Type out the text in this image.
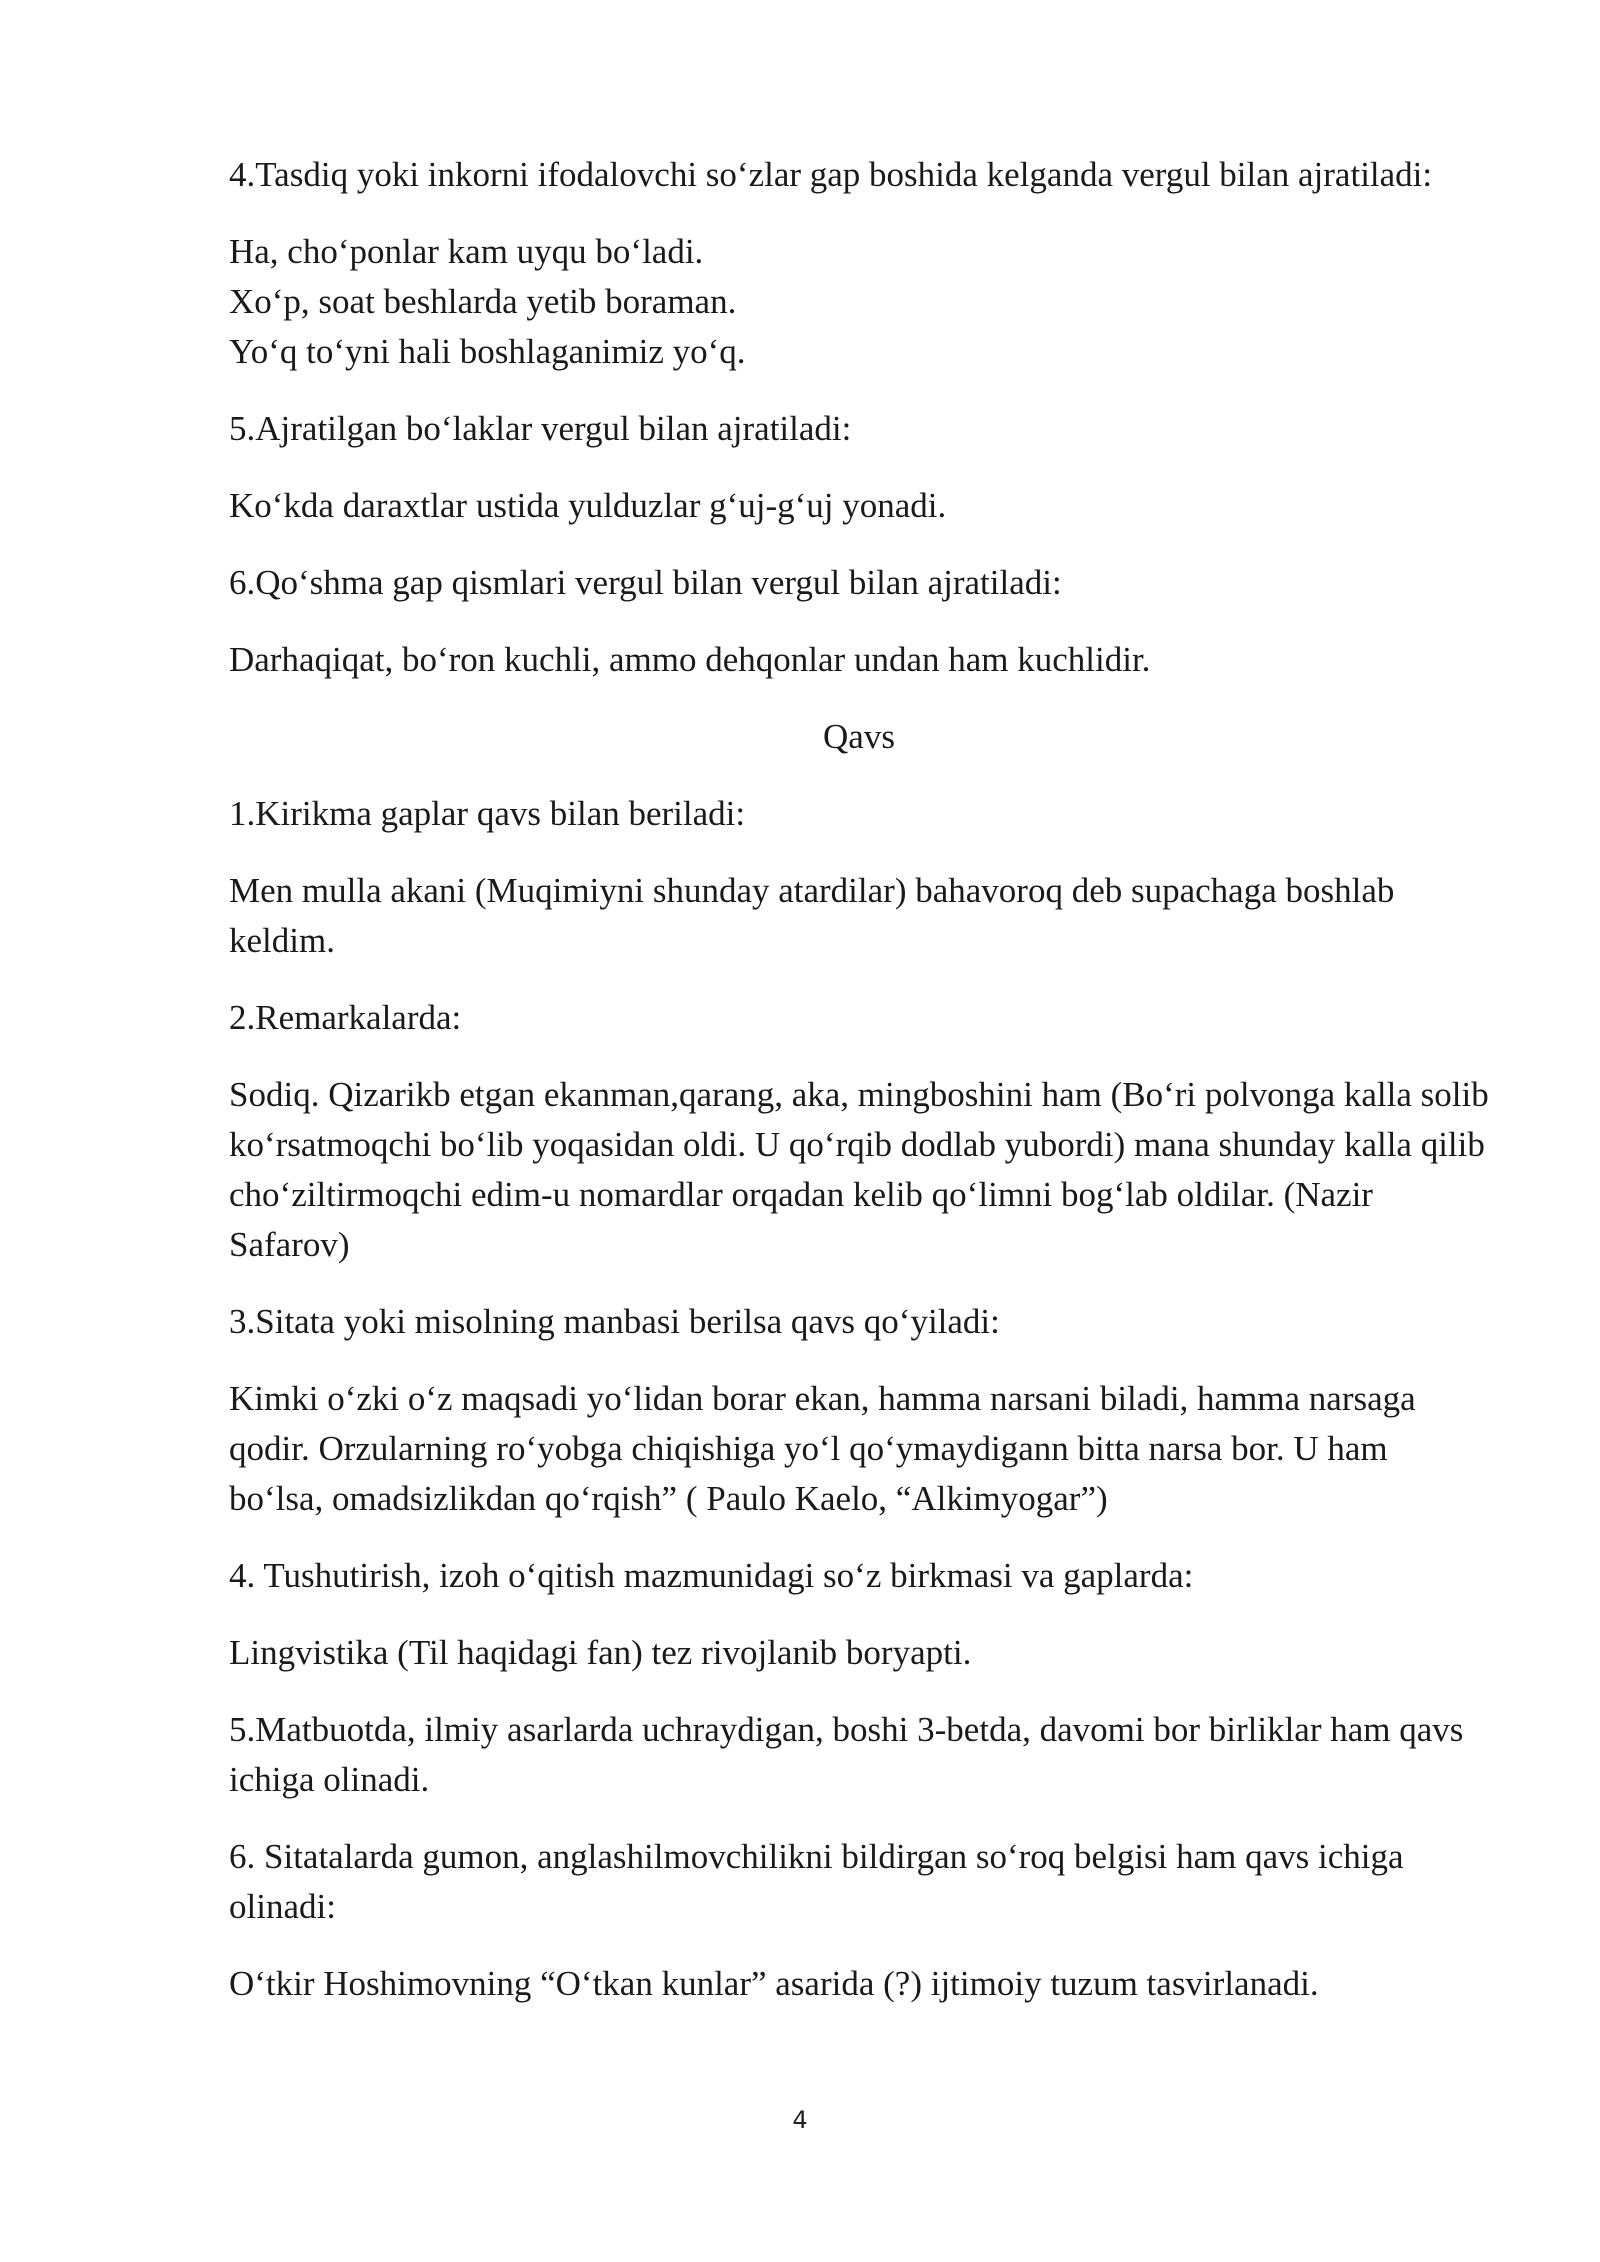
4.Tasdiq yoki inkorni ifodalovchi so‘zlar gap boshida kelganda vergul bilan ajratiladi:

Ha, cho‘ponlar kam uyqu bo‘ladi.
Xo‘p, soat beshlarda yetib boraman.
Yo‘q to‘yni hali boshlaganimiz yo‘q.

5.Ajratilgan bo‘laklar vergul bilan ajratiladi:

Ko‘kda daraxtlar ustida yulduzlar g‘uj-g‘uj yonadi.

6.Qo‘shma gap qismlari vergul bilan vergul bilan ajratiladi:

Darhaqiqat, bo‘ron kuchli, ammo dehqonlar undan ham kuchlidir.

Qavs

1.Kirikma gaplar qavs bilan beriladi:

Men mulla akani (Muqimiyni shunday atardilar) bahavoroq deb supachaga boshlab keldim.

2.Remarkalarda:

Sodiq. Qizarikb etgan ekanman,qarang, aka, mingboshini ham (Bo‘ri polvonga kalla solib ko‘rsatmoqchi bo‘lib yoqasidan oldi. U qo‘rqib dodlab yubordi) mana shunday kalla qilib cho‘ziltirmoqchi edim-u nomardlar orqadan kelib qo‘limni bog‘lab oldilar. (Nazir Safarov)

3.Sitata yoki misolning manbasi berilsa qavs qo‘yiladi:

Kimki o‘zki o‘z maqsadi yo‘lidan borar ekan, hamma narsani biladi, hamma narsaga qodir. Orzularning ro‘yobga chiqishiga yo‘l qo‘ymaydigann bitta narsa bor. U ham bo‘lsa, omadsizlikdan qo‘rqish” ( Paulo Kaelo, “Alkimyogar”)

4. Tushutirish, izoh o‘qitish mazmunidagi so‘z birkmasi va gaplarda:

Lingvistika (Til haqidagi fan) tez rivojlanib boryapti.

5.Matbuotda, ilmiy asarlarda uchraydigan, boshi 3-betda, davomi bor birliklar ham qavs ichiga olinadi.

6. Sitatalarda gumon, anglashilmovchilikni bildirgan so‘roq belgisi ham qavs ichiga olinadi:

O‘tkir Hoshimovning “O‘tkan kunlar” asarida (?) ijtimoiy tuzum tasvirlanadi.

4
